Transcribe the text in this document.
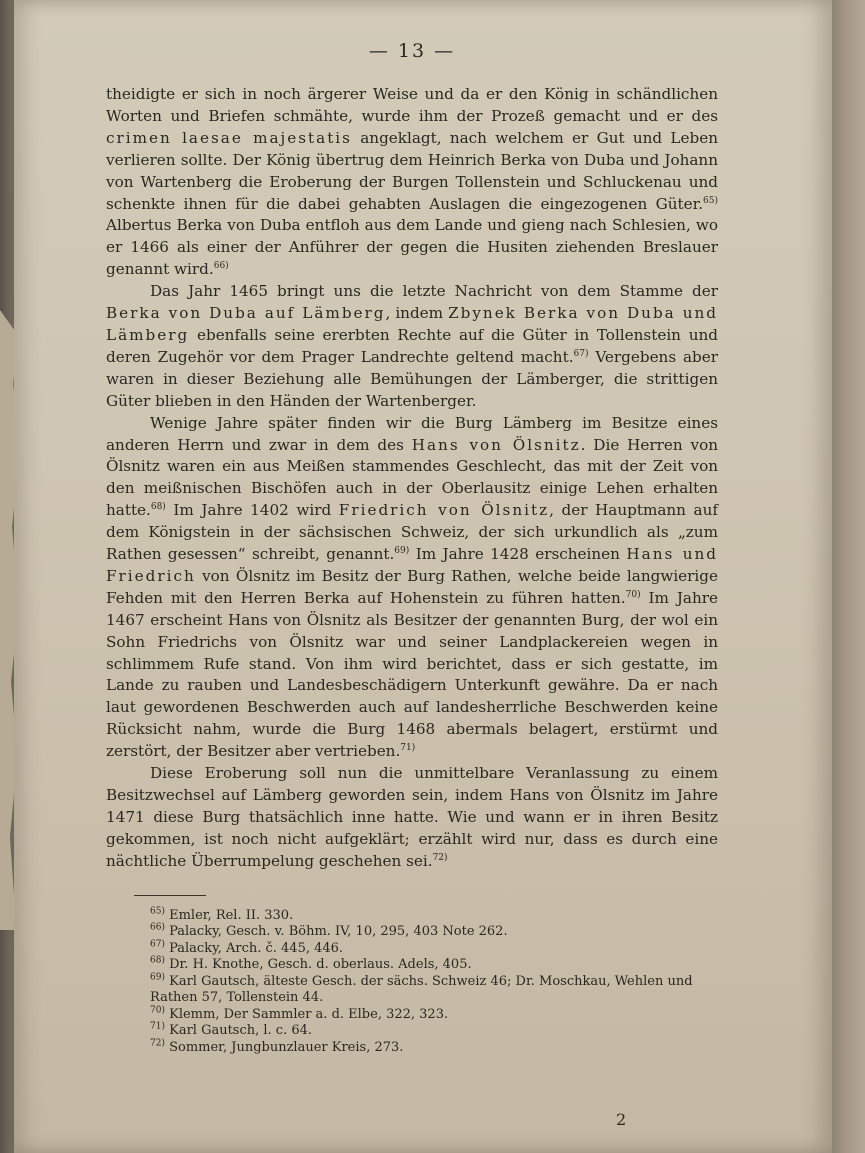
— 13 —

theidigte er sich in noch ärgerer Weise und da er den König in schändlichen Worten und Briefen schmähte, wurde ihm der Prozeß gemacht und er des crimen laesae majestatis angeklagt, nach welchem er Gut und Leben verlieren sollte. Der König übertrug dem Heinrich Berka von Duba und Johann von Wartenberg die Eroberung der Burgen Tollenstein und Schluckenau und schenkte ihnen für die dabei gehabten Auslagen die eingezogenen Güter.$^{65)}$ Albertus Berka von Duba entfloh aus dem Lande und gieng nach Schlesien, wo er 1466 als einer der Anführer der gegen die Husiten ziehenden Breslauer genannt wird.$^{66)}$

Das Jahr 1465 bringt uns die letzte Nachricht von dem Stamme der Berka von Duba auf Lämberg, indem Zbynek Berka von Duba und Lämberg ebenfalls seine ererbten Rechte auf die Güter in Tollenstein und deren Zugehör vor dem Prager Landrechte geltend macht.$^{67)}$ Vergebens aber waren in dieser Beziehung alle Bemühungen der Lämberger, die strittigen Güter blieben in den Händen der Wartenberger.

Wenige Jahre später finden wir die Burg Lämberg im Besitze eines anderen Herrn und zwar in dem des Hans von Ölsnitz. Die Herren von Ölsnitz waren ein aus Meißen stammendes Geschlecht, das mit der Zeit von den meißnischen Bischöfen auch in der Oberlausitz einige Lehen erhalten hatte.$^{68)}$ Im Jahre 1402 wird Friedrich von Ölsnitz, der Hauptmann auf dem Königstein in der sächsischen Schweiz, der sich urkundlich als „zum Rathen gesessen“ schreibt, genannt.$^{69)}$ Im Jahre 1428 erscheinen Hans und Friedrich von Ölsnitz im Besitz der Burg Rathen, welche beide langwierige Fehden mit den Herren Berka auf Hohenstein zu führen hatten.$^{70)}$ Im Jahre 1467 erscheint Hans von Ölsnitz als Besitzer der genannten Burg, der wol ein Sohn Friedrichs von Ölsnitz war und seiner Landplackereien wegen in schlimmem Rufe stand. Von ihm wird berichtet, dass er sich gestatte, im Lande zu rauben und Landesbeschädigern Unterkunft gewähre. Da er nach laut gewordenen Beschwerden auch auf landesherrliche Beschwerden keine Rücksicht nahm, wurde die Burg 1468 abermals belagert, erstürmt und zerstört, der Besitzer aber vertrieben.$^{71)}$

Diese Eroberung soll nun die unmittelbare Veranlassung zu einem Besitzwechsel auf Lämberg geworden sein, indem Hans von Ölsnitz im Jahre 1471 diese Burg thatsächlich inne hatte. Wie und wann er in ihren Besitz gekommen, ist noch nicht aufgeklärt; erzählt wird nur, dass es durch eine nächtliche Überrumpelung geschehen sei.$^{72)}$

$^{65)}$ Emler, Rel. II. 330.
$^{66)}$ Palacky, Gesch. v. Böhm. IV, 10, 295, 403 Note 262.
$^{67)}$ Palacky, Arch. č. 445, 446.
$^{68)}$ Dr. H. Knothe, Gesch. d. oberlaus. Adels, 405.
$^{69)}$ Karl Gautsch, älteste Gesch. der sächs. Schweiz 46; Dr. Moschkau, Wehlen und Rathen 57, Tollenstein 44.
$^{70)}$ Klemm, Der Sammler a. d. Elbe, 322, 323.
$^{71)}$ Karl Gautsch, l. c. 64.
$^{72)}$ Sommer, Jungbunzlauer Kreis, 273.
2
